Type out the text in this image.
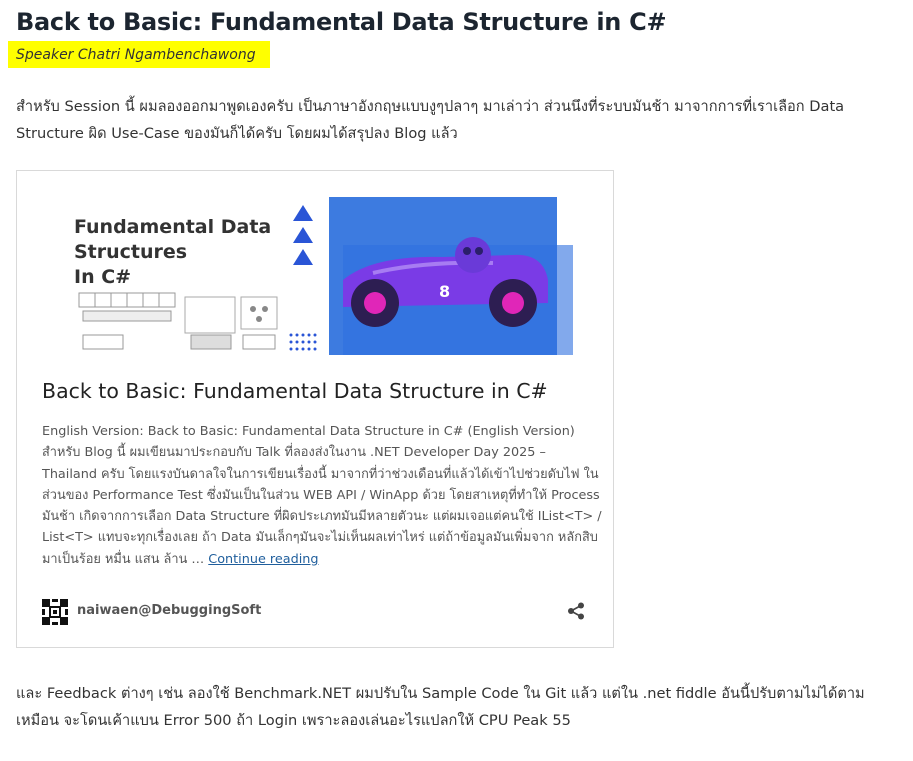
Back to Basic: Fundamental Data Structure in C#
Speaker Chatri Ngambenchawong

สำหรับ Session นี้ ผมลองออกมาพูดเองครับ เป็นภาษาอังกฤษแบบงูๆปลาๆ มาเล่าว่า ส่วนนึงที่ระบบมันช้า มาจากการที่เราเลือก Data Structure ผิด Use-Case ของมันก็ได้ครับ โดยผมได้สรุปลง Blog แล้ว

8
Fundamental Data
Structures
In C#
Back to Basic: Fundamental Data Structure in C#

English Version: Back to Basic: Fundamental Data Structure in C# (English Version) สำหรับ Blog นี้ ผมเขียนมาประกอบกับ Talk ที่ลองส่งในงาน .NET Developer Day 2025 – Thailand ครับ โดยแรงบันดาลใจในการเขียนเรื่องนี้ มาจากที่ว่าช่วงเดือนที่แล้วได้เข้าไปช่วยดับไฟ ในส่วนของ Performance Test ซึ่งมันเป็นในส่วน WEB API / WinApp ด้วย โดยสาเหตุที่ทำให้ Process มันช้า เกิดจากการเลือก Data Structure ที่ผิดประเภทมันมีหลายตัวนะ แต่ผมเจอแต่คนใช้ IList<T> / List<T> แทบจะทุกเรื่องเลย ถ้า Data มันเล็กๆมันจะไม่เห็นผลเท่าไหร่ แต่ถ้าข้อมูลมันเพิ่มจาก หลักสิบ มาเป็นร้อย หมื่น แสน ล้าน … Continue reading

naiwaen@DebuggingSoft

และ Feedback ต่างๆ เช่น ลองใช้ Benchmark.NET ผมปรับใน Sample Code ใน Git แล้ว แต่ใน .net fiddle อันนี้ปรับตามไม่ได้ตามเหมือน จะโดนเค้าแบน Error 500 ถ้า Login เพราะลองเล่นอะไรแปลกให้ CPU Peak 55
